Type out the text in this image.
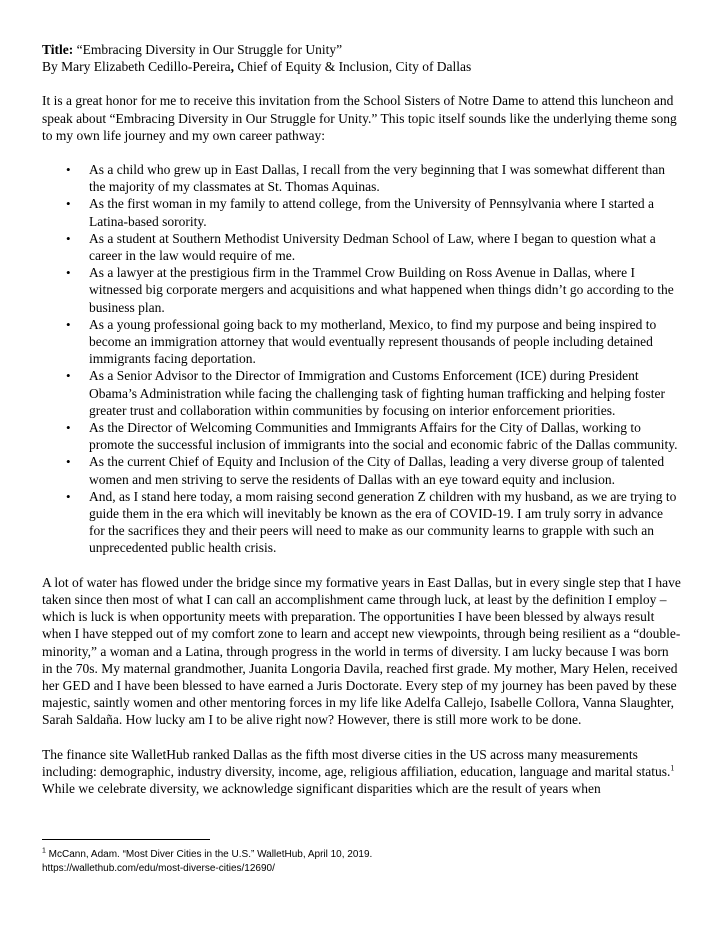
Title: “Embracing Diversity in Our Struggle for Unity”

By Mary Elizabeth Cedillo-Pereira, Chief of Equity & Inclusion, City of Dallas

It is a great honor for me to receive this invitation from the School Sisters of Notre Dame to attend this luncheon and speak about “Embracing Diversity in Our Struggle for Unity.” This topic itself sounds like the underlying theme song to my own life journey and my own career pathway:

• As a child who grew up in East Dallas, I recall from the very beginning that I was somewhat different than the majority of my classmates at St. Thomas Aquinas.
• As the first woman in my family to attend college, from the University of Pennsylvania where I started a Latina-based sorority.
• As a student at Southern Methodist University Dedman School of Law, where I began to question what a career in the law would require of me.
• As a lawyer at the prestigious firm in the Trammel Crow Building on Ross Avenue in Dallas, where I witnessed big corporate mergers and acquisitions and what happened when things didn’t go according to the business plan.
• As a young professional going back to my motherland, Mexico, to find my purpose and being inspired to become an immigration attorney that would eventually represent thousands of people including detained immigrants facing deportation.
• As a Senior Advisor to the Director of Immigration and Customs Enforcement (ICE) during President Obama’s Administration while facing the challenging task of fighting human trafficking and helping foster greater trust and collaboration within communities by focusing on interior enforcement priorities.
• As the Director of Welcoming Communities and Immigrants Affairs for the City of Dallas, working to promote the successful inclusion of immigrants into the social and economic fabric of the Dallas community.
• As the current Chief of Equity and Inclusion of the City of Dallas, leading a very diverse group of talented women and men striving to serve the residents of Dallas with an eye toward equity and inclusion.
• And, as I stand here today, a mom raising second generation Z children with my husband, as we are trying to guide them in the era which will inevitably be known as the era of COVID-19. I am truly sorry in advance for the sacrifices they and their peers will need to make as our community learns to grapple with such an unprecedented public health crisis.

A lot of water has flowed under the bridge since my formative years in East Dallas, but in every single step that I have taken since then most of what I can call an accomplishment came through luck, at least by the definition I employ – which is luck is when opportunity meets with preparation. The opportunities I have been blessed by always result when I have stepped out of my comfort zone to learn and accept new viewpoints, through being resilient as a “double-minority,” a woman and a Latina, through progress in the world in terms of diversity. I am lucky because I was born in the 70s. My maternal grandmother, Juanita Longoria Davila, reached first grade. My mother, Mary Helen, received her GED and I have been blessed to have earned a Juris Doctorate. Every step of my journey has been paved by these majestic, saintly women and other mentoring forces in my life like Adelfa Callejo, Isabelle Collora, Vanna Slaughter, Sarah Saldaña. How lucky am I to be alive right now? However, there is still more work to be done.

The finance site WalletHub ranked Dallas as the fifth most diverse cities in the US across many measurements including: demographic, industry diversity, income, age, religious affiliation, education, language and marital status.$^1$ While we celebrate diversity, we acknowledge significant disparities which are the result of years when

$^1$ McCann, Adam. “Most Diver Cities in the U.S.” WalletHub, April 10, 2019.
https://wallethub.com/edu/most-diverse-cities/12690/
